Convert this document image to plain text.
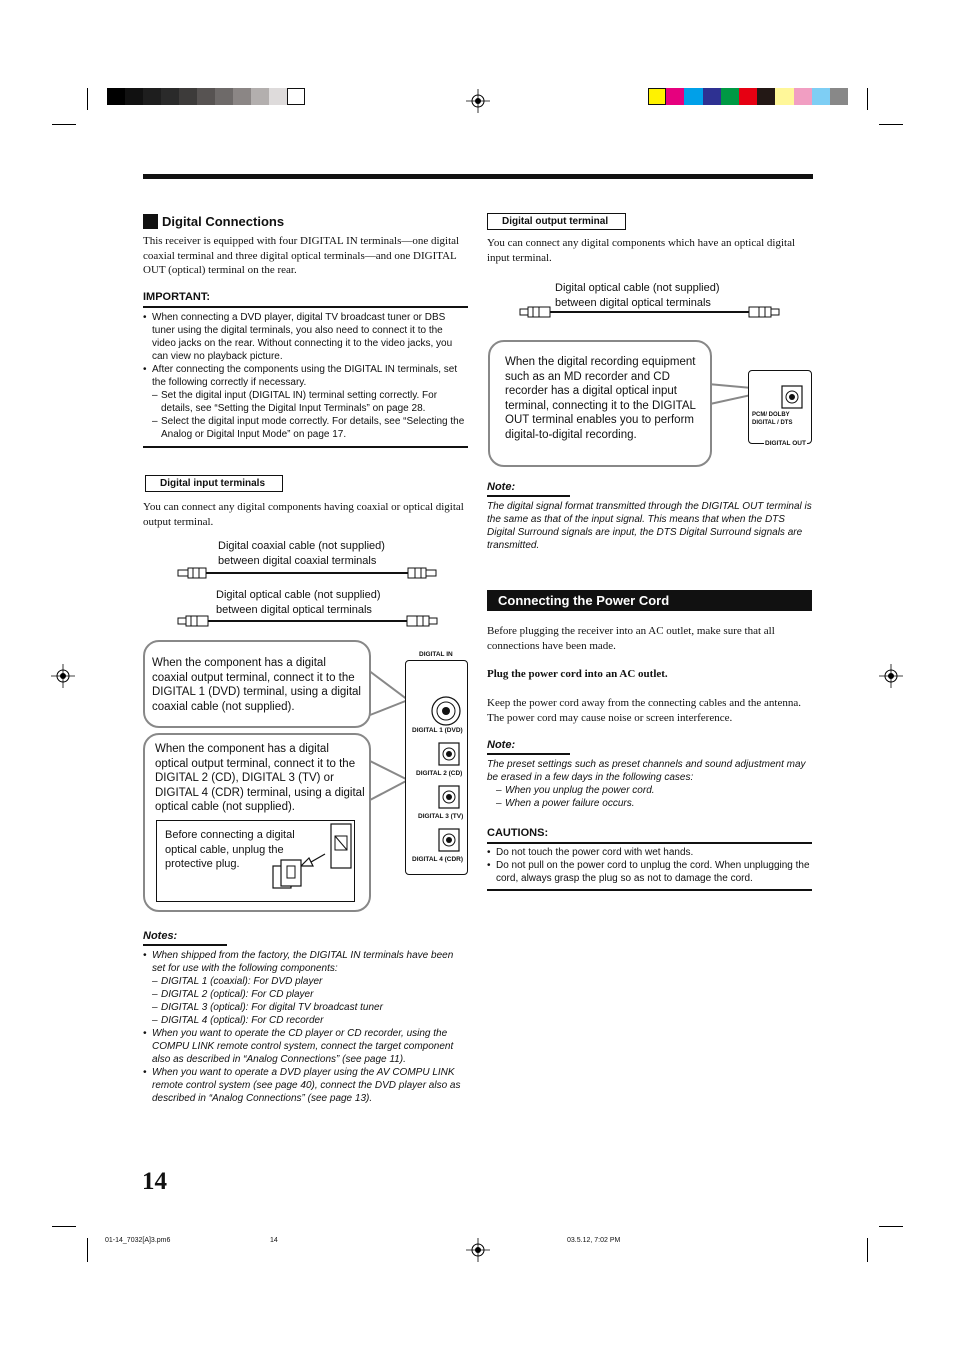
Digital Connections
This receiver is equipped with four DIGITAL IN terminals—one digital coaxial terminal and three digital optical terminals—and one DIGITAL OUT (optical) terminal on the rear.
IMPORTANT:
• When connecting a DVD player, digital TV broadcast tuner or DBS tuner using the digital terminals, you also need to connect it to the video jacks on the rear. Without connecting it to the video jacks, you can view no playback picture.
• After connecting the components using the DIGITAL IN terminals, set the following correctly if necessary.
– Set the digital input (DIGITAL IN) terminal setting correctly. For details, see “Setting the Digital Input Terminals” on page 28.
– Select the digital input mode correctly. For details, see “Selecting the Analog or Digital Input Mode” on page 17.
Digital input terminals
You can connect any digital components having coaxial or optical digital output terminal.
Digital coaxial cable (not supplied)
between digital coaxial terminals
Digital optical cable (not supplied)
between digital optical terminals
When the component has a digital coaxial output terminal, connect it to the DIGITAL 1 (DVD) terminal, using a digital coaxial cable (not supplied).
When the component has a digital optical output terminal, connect it to the DIGITAL 2 (CD), DIGITAL 3 (TV) or DIGITAL 4 (CDR) terminal, using a digital optical cable (not supplied).
Before connecting a digital optical cable, unplug the protective plug.
DIGITAL IN
DIGITAL 1 (DVD)
DIGITAL 2 (CD)
DIGITAL 3 (TV)
DIGITAL 4 (CDR)
Notes:
• When shipped from the factory, the DIGITAL IN terminals have been set for use with the following components:
– DIGITAL 1 (coaxial): For DVD player
– DIGITAL 2 (optical): For CD player
– DIGITAL 3 (optical): For digital TV broadcast tuner
– DIGITAL 4 (optical): For CD recorder
• When you want to operate the CD player or CD recorder, using the COMPU LINK remote control system, connect the target component also as described in “Analog Connections” (see page 11).
• When you want to operate a DVD player using the AV COMPU LINK remote control system (see page 40), connect the DVD player also as described in “Analog Connections” (see page 13).
14
Digital output terminal
You can connect any digital components which have an optical digital input terminal.
Digital optical cable (not supplied)
between digital optical terminals
When the digital recording equipment such as an MD recorder and CD recorder has a digital optical input terminal, connecting it to the DIGITAL OUT terminal enables you to perform digital-to-digital recording.
PCM/ DOLBY DIGITAL / DTS
DIGITAL OUT
Note:
The digital signal format transmitted through the DIGITAL OUT terminal is the same as that of the input signal. This means that when the DTS Digital Surround signals are input, the DTS Digital Surround signals are transmitted.
Connecting the Power Cord
Before plugging the receiver into an AC outlet, make sure that all connections have been made.
Plug the power cord into an AC outlet.
Keep the power cord away from the connecting cables and the antenna. The power cord may cause noise or screen interference.
Note:
The preset settings such as preset channels and sound adjustment may be erased in a few days in the following cases:
– When you unplug the power cord.
– When a power failure occurs.
CAUTIONS:
• Do not touch the power cord with wet hands.
• Do not pull on the power cord to unplug the cord. When unplugging the cord, always grasp the plug so as not to damage the cord.
01-14_7032[A]3.pm6	14	03.5.12, 7:02 PM
